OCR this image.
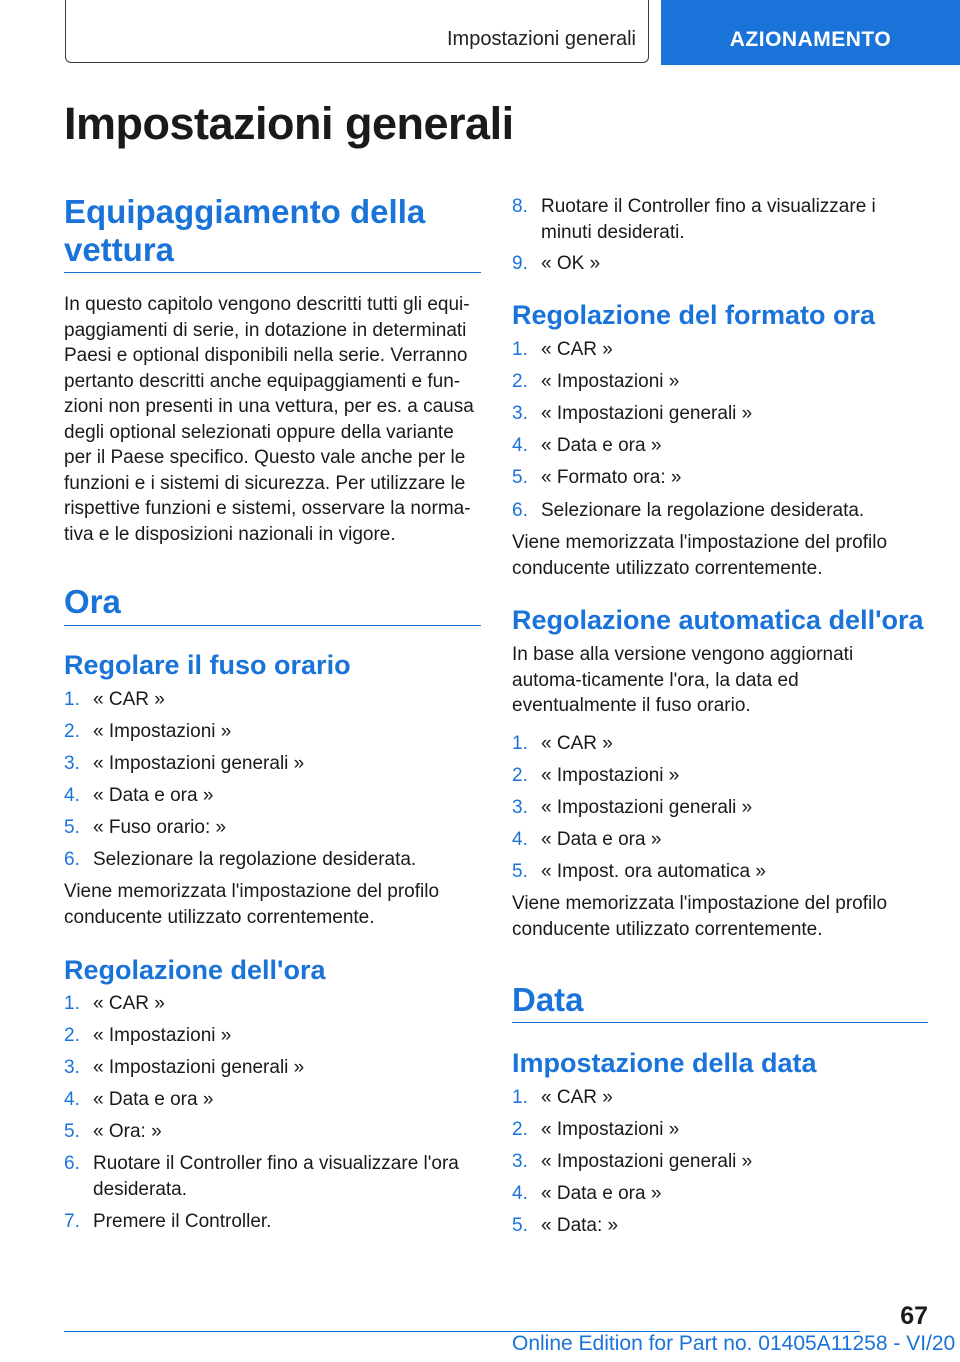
Impostazioni generali	AZIONAMENTO
Impostazioni generali
Equipaggiamento della vettura

In questo capitolo vengono descritti tutti gli equi-paggiamenti di serie, in dotazione in determinati Paesi e optional disponibili nella serie. Verranno pertanto descritti anche equipaggiamenti e fun-zioni non presenti in una vettura, per es. a causa degli optional selezionati oppure della variante per il Paese specifico. Questo vale anche per le funzioni e i sistemi di sicurezza. Per utilizzare le rispettive funzioni e sistemi, osservare la norma-tiva e le disposizioni nazionali in vigore.

Ora
Regolare il fuso orario
1. « CAR »
2. « Impostazioni »
3. « Impostazioni generali »
4. « Data e ora »
5. « Fuso orario: »
6. Selezionare la regolazione desiderata.

Viene memorizzata l'impostazione del profilo conducente utilizzato correntemente.

Regolazione dell'ora
1. « CAR »
2. « Impostazioni »
3. « Impostazioni generali »
4. « Data e ora »
5. « Ora: »
6. Ruotare il Controller fino a visualizzare l'ora desiderata.
7. Premere il Controller.
8. Ruotare il Controller fino a visualizzare i minuti desiderati.
9. « OK »
Regolazione del formato ora
1. « CAR »
2. « Impostazioni »
3. « Impostazioni generali »
4. « Data e ora »
5. « Formato ora: »
6. Selezionare la regolazione desiderata.

Viene memorizzata l'impostazione del profilo conducente utilizzato correntemente.

Regolazione automatica dell'ora

In base alla versione vengono aggiornati automa-ticamente l'ora, la data ed eventualmente il fuso orario.

1. « CAR »
2. « Impostazioni »
3. « Impostazioni generali »
4. « Data e ora »
5. « Impost. ora automatica »

Viene memorizzata l'impostazione del profilo conducente utilizzato correntemente.

Data
Impostazione della data
1. « CAR »
2. « Impostazioni »
3. « Impostazioni generali »
4. « Data e ora »
5. « Data: »
67
Online Edition for Part no. 01405A11258 - VI/20
